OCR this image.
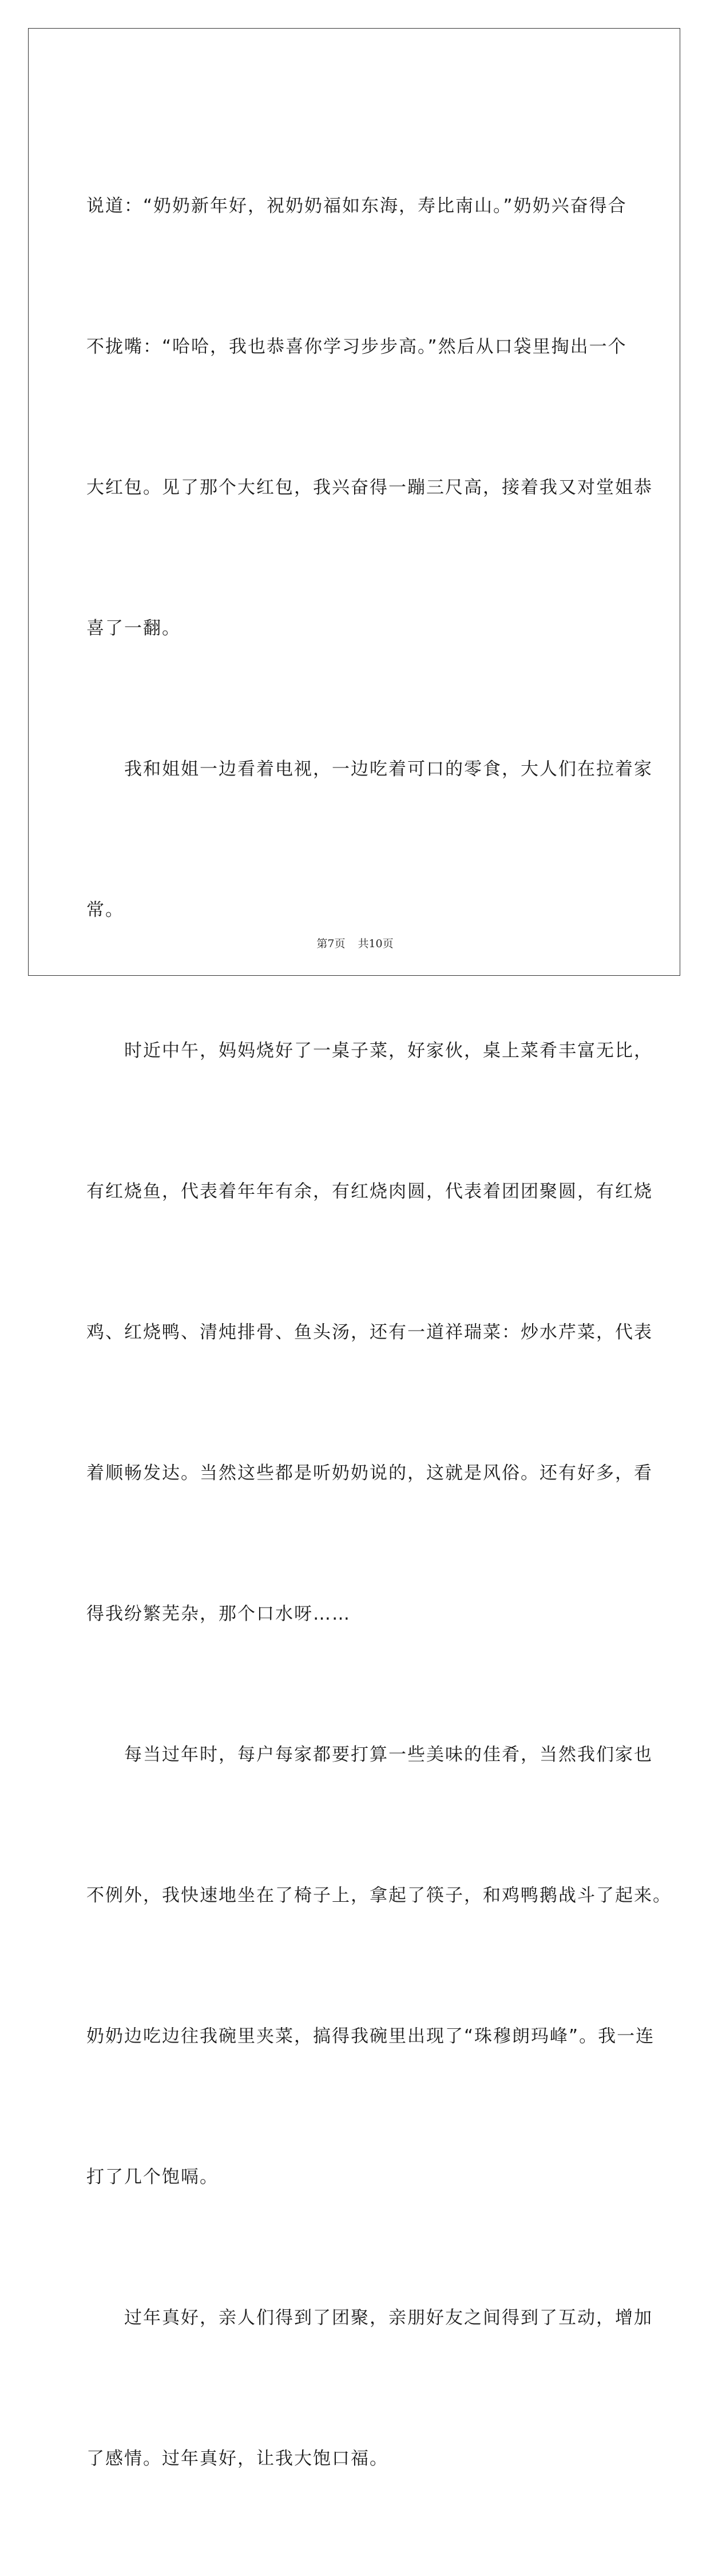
说道：“奶奶新年好，祝奶奶福如东海，寿比南山。”奶奶兴奋得合

不拢嘴：“哈哈，我也恭喜你学习步步高。”然后从口袋里掏出一个

大红包。见了那个大红包，我兴奋得一蹦三尺高，接着我又对堂姐恭

喜了一翻。

　　我和姐姐一边看着电视，一边吃着可口的零食，大人们在拉着家

常。

　　时近中午，妈妈烧好了一桌子菜，好家伙，桌上菜肴丰富无比，

有红烧鱼，代表着年年有余，有红烧肉圆，代表着团团聚圆，有红烧

鸡、红烧鸭、清炖排骨、鱼头汤，还有一道祥瑞菜：炒水芹菜，代表

着顺畅发达。当然这些都是听奶奶说的，这就是风俗。还有好多，看

得我纷繁芜杂，那个口水呀……

　　每当过年时，每户每家都要打算一些美味的佳肴，当然我们家也

不例外，我快速地坐在了椅子上，拿起了筷子，和鸡鸭鹅战斗了起来。

奶奶边吃边往我碗里夹菜，搞得我碗里出现了“珠穆朗玛峰”。我一连

打了几个饱嗝。

　　过年真好，亲人们得到了团聚，亲朋好友之间得到了互动，增加

了感情。过年真好，让我大饱口福。

第7页 共10页
